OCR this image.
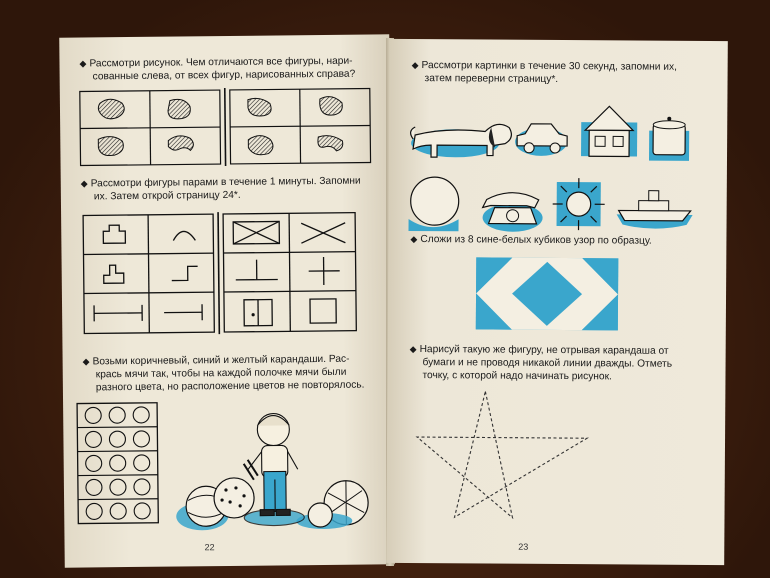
◆ Рассмотри рисунок. Чем отличаются все фигуры, нари-
сованные слева, от всех фигур, нарисованных справа?
◆ Рассмотри фигуры парами в течение 1 минуты. Запомни
их. Затем открой страницу 24*.
◆ Возьми коричневый, синий и желтый карандаши. Рас-
крась мячи так, чтобы на каждой полочке мячи были
разного цвета, но расположение цветов не повторялось.
22
◆ Рассмотри картинки в течение 30 секунд, запомни их,
затем переверни страницу*.
◆ Сложи из 8 сине-белых кубиков узор по образцу.
◆ Нарисуй такую же фигуру, не отрывая карандаша от
бумаги и не проводя никакой линии дважды. Отметь
точку, с которой надо начинать рисунок.
23
